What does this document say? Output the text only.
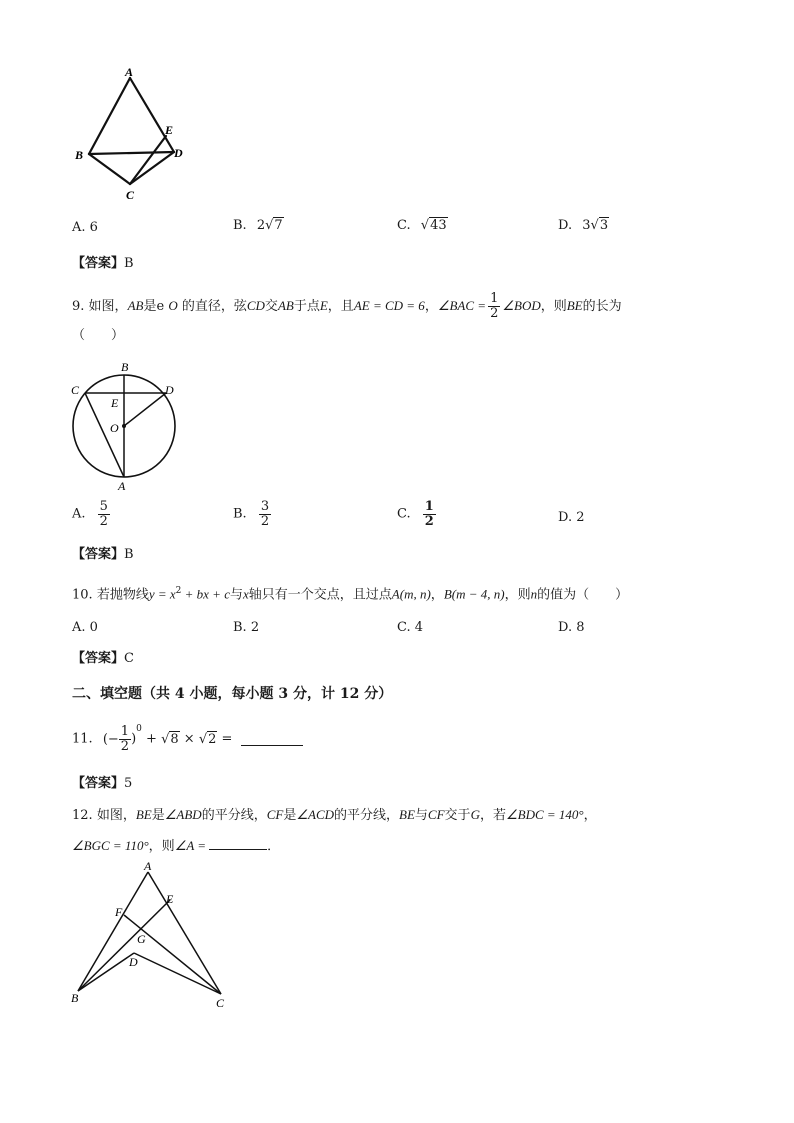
A
E
B	D
C
A. 6	B. 2√7	C. √43	D. 3√3
【答案】B
9. 如图，AB是e O 的直径，弦CD交AB于点E，且AE = CD = 6，∠BAC = $\frac{1}{2}$ ∠BOD，则BE的长为
（　　）
B
C	D
E
O
A
A. $\frac{5}{2}$	B. $\frac{3}{2}$	C. $\frac{1}{2}$	D. 2
【答案】B
10. 若抛物线$y = x^2$ + bx + c与x轴只有一个交点，且过点A(m, n)，B(m − 4, n)，则n的值为（　　）
A. 0	B. 2	C. 4	D. 8
【答案】C
二、填空题（共 4 小题，每小题 3 分，计 12 分）
11. (− $\frac{1}{2} )^0 + √8 \times √2$ =
【答案】5
12. 如图，BE是∠ABD的平分线，CF是∠ACD的平分线，BE与CF交于G，若∠BDC = 140°，
∠BGC = 110°，则∠A =	．
A
E
F
G
D
B	C
